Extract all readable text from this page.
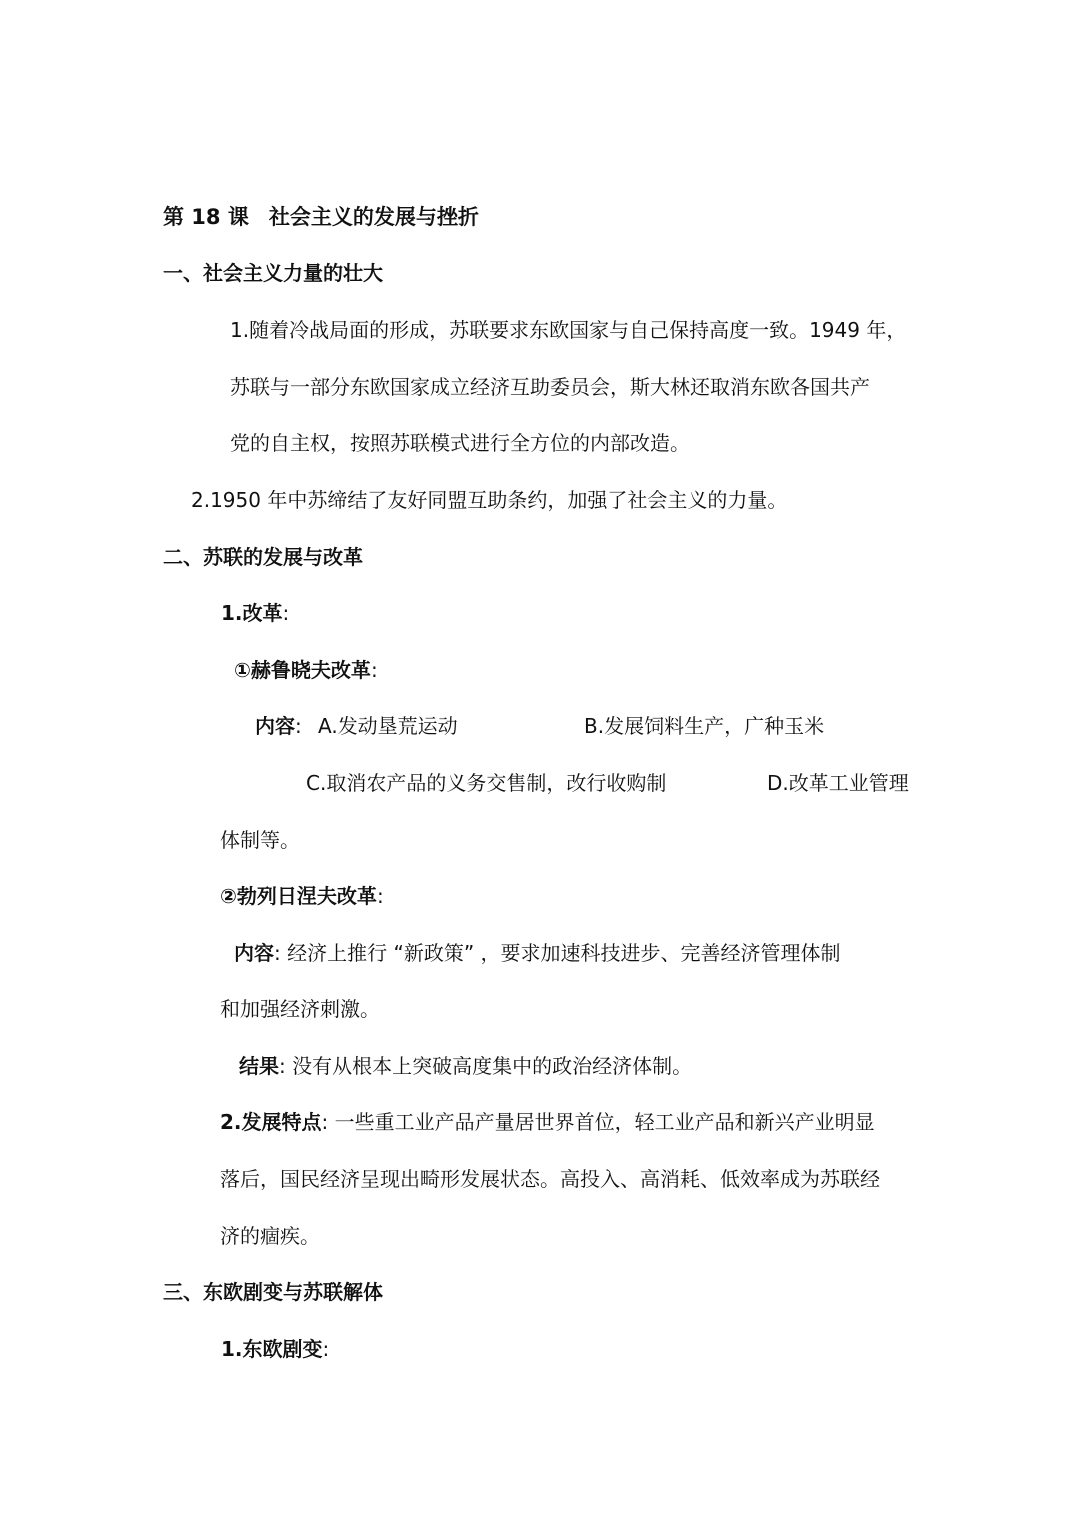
第 18 课 社会主义的发展与挫折
一、社会主义力量的壮大
1.随着冷战局面的形成，苏联要求东欧国家与自己保持高度一致。1949 年，
苏联与一部分东欧国家成立经济互助委员会，斯大林还取消东欧各国共产
党的自主权，按照苏联模式进行全方位的内部改造。
2.1950 年中苏缔结了友好同盟互助条约，加强了社会主义的力量。
二、苏联的发展与改革
1.改革:
①赫鲁晓夫改革:
内容: A.发动垦荒运动	B.发展饲料生产，广种玉米
C.取消农产品的义务交售制，改行收购制	D.改革工业管理
体制等。
②勃列日涅夫改革:
内容: 经济上推行 “新政策” ，要求加速科技进步、完善经济管理体制
和加强经济刺激。
结果: 没有从根本上突破高度集中的政治经济体制。
2.发展特点: 一些重工业产品产量居世界首位，轻工业产品和新兴产业明显
落后，国民经济呈现出畸形发展状态。高投入、高消耗、低效率成为苏联经
济的痼疾。
三、东欧剧变与苏联解体
1.东欧剧变:
